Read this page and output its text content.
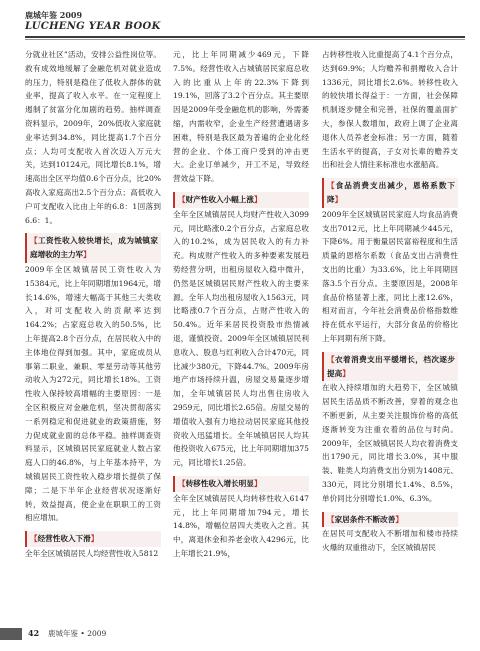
鹿城年鉴 2009
LUCHENG YEAR BOOK

分就业社区”活动，安排公益性岗位等。救有成效地缓解了金融危机对就业造成的压力，特别是稳住了低收入群体的就业率，提高了收入水平。在一定程度上遏制了贫富分化加剧的趋势。抽样调查资料显示，2009年，20%低收入家庭就业率达到34.8%，同比提高1.7个百分点；人均可支配收入首次迈入万元大关，达到10124元，同比增长8.1%，增速高出全区平均值0.6个百分点，比20%高收入家庭高出2.5个百分点；高低收入户可支配收入比由上年的6.8：1回落到6.6：1。

【工资性收入较快增长，成为城镇家庭增收的主力军】

2009年全区城镇居民工资性收入为15384元，比上年同期增加1964元，增长14.6%，增速大幅高于其他三大类收入，对可支配收入的贡献率达到164.2%；占家庭总收入的50.5%，比上年提高2.8个百分点，在居民收入中的主体地位得到加强。其中，家庭成员从事第二职业、兼职、零星劳动等其他劳动收入为272元，同比增长18%。工资性收入保持较高增幅的主要原因：一是全区积极应对金融危机，坚决贯彻落实一系列稳定和促进就业的政策措施，努力促成就业面的总体平稳。抽样调查资料显示，区城镇居民家庭就业人数占家庭人口的46.8%，与上年基本持平，为城镇居民工资性收入稳步增长提供了保障；二是下半年企业经营状况逐渐好转，效益提高，使企业在职职工的工资相应增加。

【经营性收入下滑】

全年全区城镇居民人均经营性收入5812

元，比上年同期减少469元，下降7.5%。经营性收入占城镇居民家庭总收入的比重从上年的22.3%下降到19.1%，回落了3.2个百分点。其主要原因是2009年受金融危机的影响，外需萎缩，内需收窄，企业生产经营遭遇诸多困难，特别是我区最为普遍的企业化经营的企业、个体工商户受到的冲击更大。企业订单减少，开工不足，导致经营效益下降。

【财产性收入小幅上涨】

全年全区城镇居民人均财产性收入3099元，同比略涨0.2个百分点，占家庭总收入的10.2%，成为居民收入的有力补充。构成财产性收入的多种要素发展趋势经营分明，出租房屋收入稳中微升，仍然是区城镇居民财产性收入的主要来源。全年人均出租房屋收入1563元，同比略涨0.7个百分点，占财产性收入的50.4%。近年来居民投资股市热情减退，谨慎投资。2009年全区城镇居民利息收入、股息与红利收入合计470元，同比减少380元，下降44.7%。2009年房地产市场持续升温，房屋交易量逐步增加，全年城镇居民人均出售住房收入2959元，同比增长2.65倍。房屋交易的增值收入强有力地拉动居民家庭其他投资收入迅猛增长。全年城镇居民人均其他投资收入675元，比上年同期增加375元，同比增长1.25倍。

【转移性收入增长明显】

全年全区城镇居民人均转移性收入6147元，比上年同期增加794元，增长14.8%，增幅位居四大类收入之首。其中，离退休金和养老金收入4296元，比上年增长21.9%，

占转移性收入比重提高了4.1个百分点，达到69.9%；人均赡养和捐赠收入合计1336元，同比增长2.6%。转移性收入的较快增长得益于：一方面，社会保障机制逐步健全和完善，社保的覆盖面扩大，参保人数增加，政府上调了企业离退休人员养老金标准；另一方面，随着生活水平的提高，子女对长辈的赡养支出和社会人情往来标准也水涨船高。

【食品消费支出减少，恩格系数下降】

2009年全区城镇居民家庭人均食品消费支出7012元，比上年同期减少445元，下降6%。用于衡量居民富裕程度和生活质量的恩格尔系数（食品支出占消费性支出的比重）为33.6%，比上年同期回落3.5个百分点。主要原因是，2008年食品价格显著上涨，同比上涨12.6%，相对而言，今年社会消费品价格指数维持在低水平运行，大部分食品的价格比上年同期有所下降。

【衣着消费支出平缓增长，档次逐步提高】

在收入持续增加的大趋势下，全区城镇居民生活品质不断改善，穿着的观念也不断更新，从主要关注服饰价格的高低逐渐转变为注重衣着的品位与时尚。2009年，全区城镇居民人均衣着消费支出1790元，同比增长3.0%，其中服装、鞋类人均消费支出分别为1408元、330元，同比分别增长1.4%、8.5%，单价同比分别增长1.0%、6.3%。

【家居条件不断改善】

在居民可支配收入不断增加和楼市持续火爆的双重推动下，全区城镇居民

42 鹿城年鉴 • 2009
